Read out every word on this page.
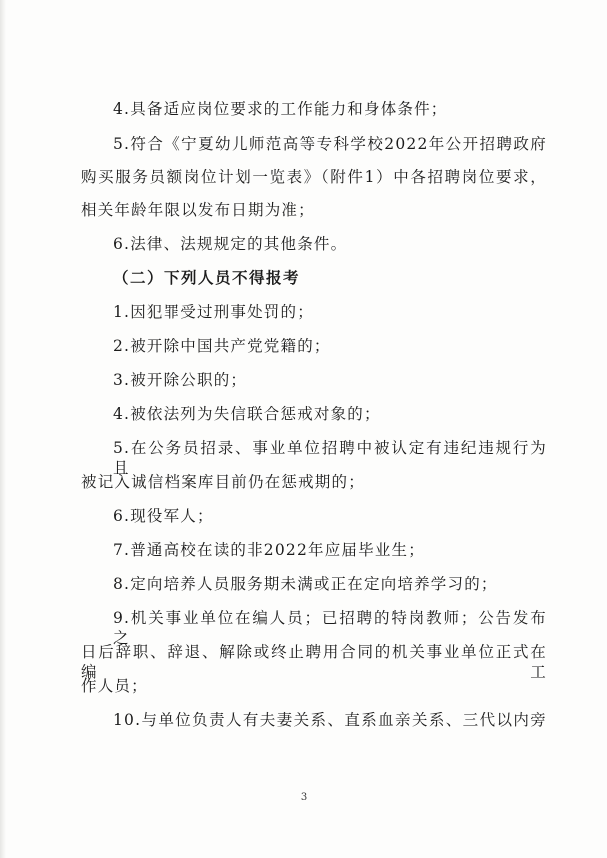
4.具备适应岗位要求的工作能力和身体条件；
5.符合《宁夏幼儿师范高等专科学校2022年公开招聘政府
购买服务员额岗位计划一览表》（附件1）中各招聘岗位要求，
相关年龄年限以发布日期为准；
6.法律、法规规定的其他条件。
（二）下列人员不得报考
1.因犯罪受过刑事处罚的；
2.被开除中国共产党党籍的；
3.被开除公职的；
4.被依法列为失信联合惩戒对象的；
5.在公务员招录、事业单位招聘中被认定有违纪违规行为且
被记入诚信档案库目前仍在惩戒期的；
6.现役军人；
7.普通高校在读的非2022年应届毕业生；
8.定向培养人员服务期未满或正在定向培养学习的；
9.机关事业单位在编人员；已招聘的特岗教师；公告发布之
日后辞职、辞退、解除或终止聘用合同的机关事业单位正式在编工
作人员；
10.与单位负责人有夫妻关系、直系血亲关系、三代以内旁
3
